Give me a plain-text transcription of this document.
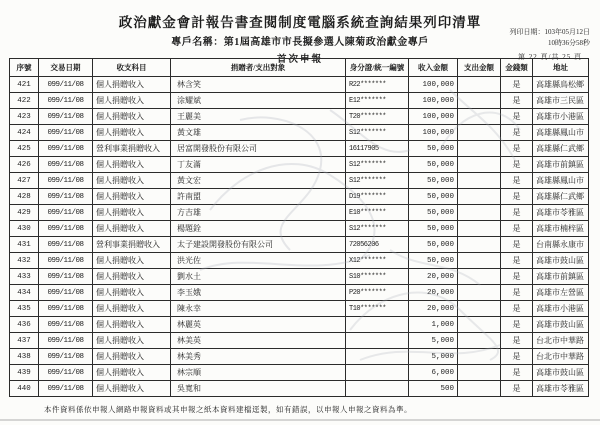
政治獻金會計報告書查閱制度電腦系統查詢結果列印清單
專戶名稱：第1屆高雄市市長擬參選人陳菊政治獻金專戶
首次申報
列印日期：103年05月12日
10時36分58秒
第 22 頁/共 25 頁
序號	交易日期	收支科目	捐贈者/支出對象	身分證/統一編號	收入金額	支出金額	金錢類	地址
421	099/11/08	個人捐贈收入	林含笑	R22*******	100,000		是	高雄縣鳥松鄉
422	099/11/08	個人捐贈收入	涂耀斌	E12*******	100,000		是	高雄市三民區
423	099/11/08	個人捐贈收入	王麗美	T20*******	100,000		是	高雄市小港區
424	099/11/08	個人捐贈收入	黃文雄	S12*******	100,000		是	高雄縣鳳山市
425	099/11/08	營利事業捐贈收入	居富開發股份有限公司	16117905	50,000		是	高雄縣仁武鄉
426	099/11/08	個人捐贈收入	丁友滿	S12*******	50,000		是	高雄市前鎮區
427	099/11/08	個人捐贈收入	黃文宏	S12*******	50,000		是	高雄縣鳳山市
428	099/11/08	個人捐贈收入	許南盟	D19*******	50,000		是	高雄縣仁武鄉
429	099/11/08	個人捐贈收入	方吉雄	E10*******	50,000		是	高雄市苓雅區
430	099/11/08	個人捐贈收入	楊題銓	S12*******	50,000		是	高雄市楠梓區
431	099/11/08	營利事業捐贈收入	太子建設開發股份有限公司	72056206	50,000		是	台南縣永康市
432	099/11/08	個人捐贈收入	洪光佐	X12*******	50,000		是	高雄市鼓山區
433	099/11/08	個人捐贈收入	劉水土	S10*******	20,000		是	高雄市前鎮區
434	099/11/08	個人捐贈收入	李玉娥	P20*******	20,000		是	高雄市左營區
435	099/11/08	個人捐贈收入	陳永幸	T10*******	20,000		是	高雄市小港區
436	099/11/08	個人捐贈收入	林麗英		1,000		是	高雄市鼓山區
437	099/11/08	個人捐贈收入	林美英		5,000		是	台北市中華路
438	099/11/08	個人捐贈收入	林美秀		5,000		是	台北市中華路
439	099/11/08	個人捐贈收入	林宗順		6,000		是	高雄市鼓山區
440	099/11/08	個人捐贈收入	吳寬和		500		是	高雄市苓雅區
本件資料係依申報人網路申報資料或其申報之紙本資料建檔逕製，如有錯誤，以申報人申報之資料為準。
